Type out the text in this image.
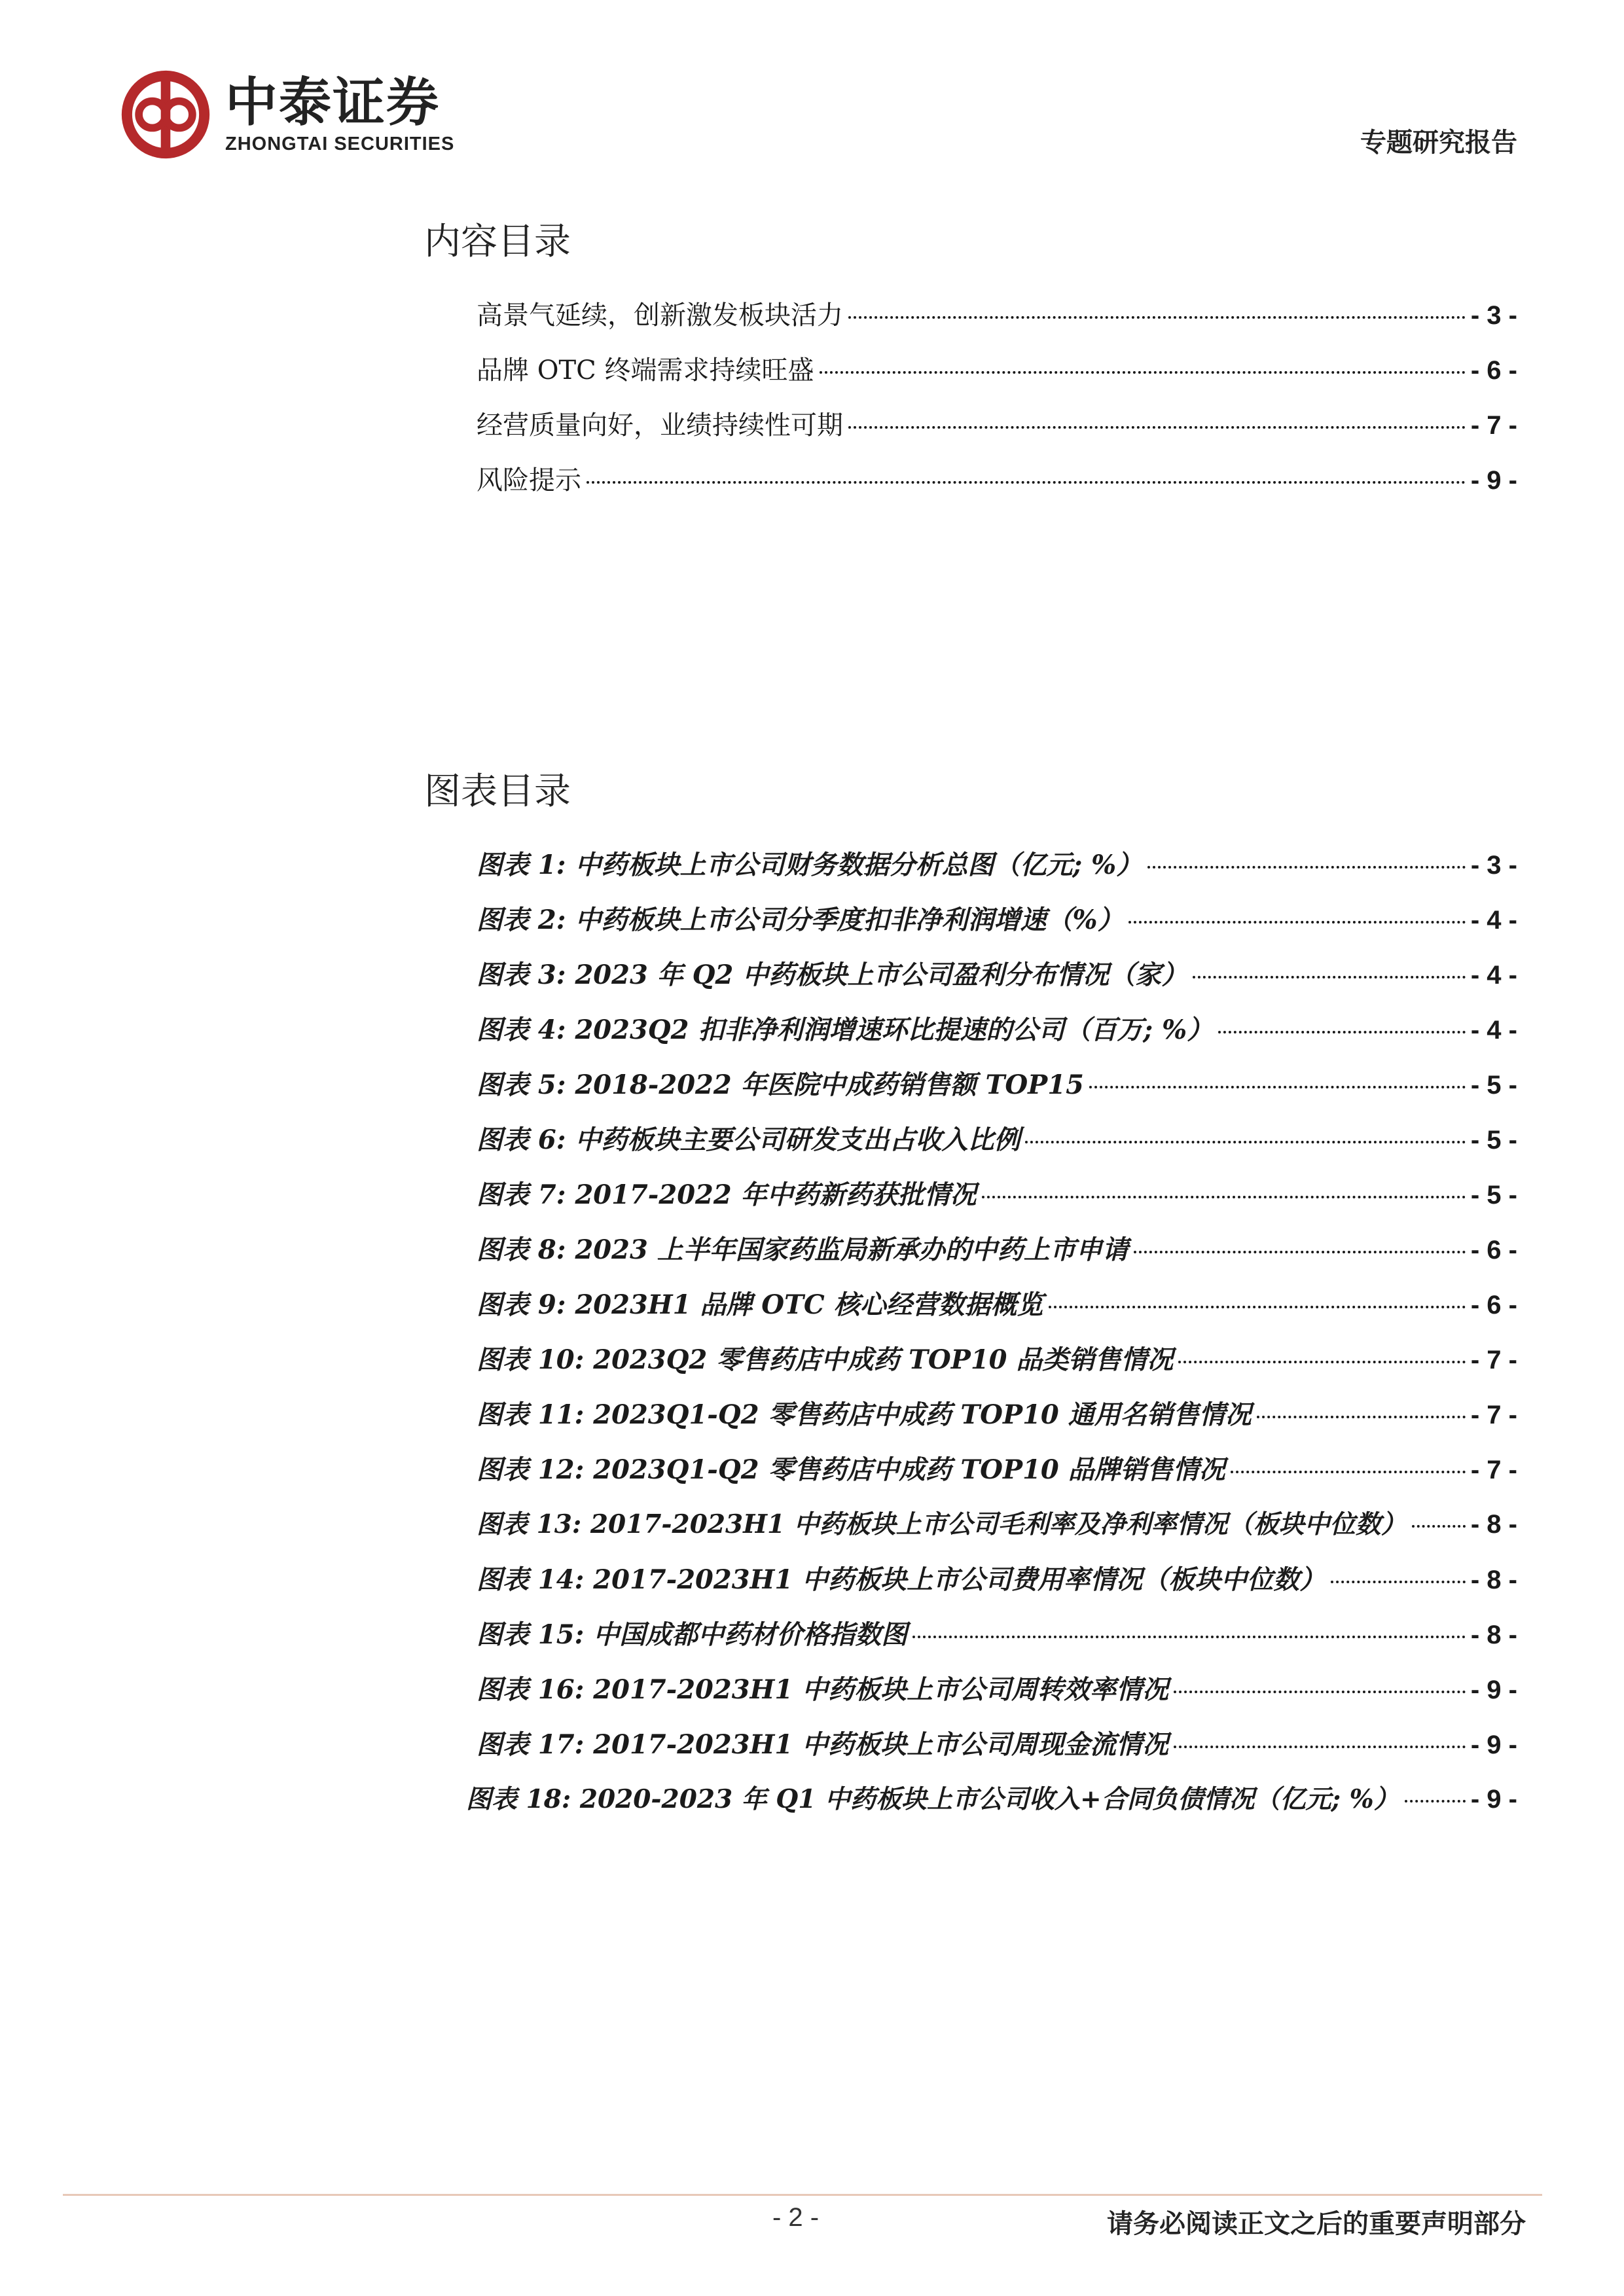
中泰证券
ZHONGTAI SECURITIES	专题研究报告
内容目录
高景气延续，创新激发板块活力	- 3 -
品牌 OTC 终端需求持续旺盛	- 6 -
经营质量向好，业绩持续性可期	- 7 -
风险提示	- 9 -
图表目录
图表 1: 中药板块上市公司财务数据分析总图（亿元; %）	- 3 -
图表 2: 中药板块上市公司分季度扣非净利润增速（%）	- 4 -
图表 3: 2023 年 Q2 中药板块上市公司盈利分布情况（家）	- 4 -
图表 4: 2023Q2 扣非净利润增速环比提速的公司（百万; %）	- 4 -
图表 5: 2018-2022 年医院中成药销售额 TOP15	- 5 -
图表 6: 中药板块主要公司研发支出占收入比例	- 5 -
图表 7: 2017-2022 年中药新药获批情况	- 5 -
图表 8: 2023 上半年国家药监局新承办的中药上市申请	- 6 -
图表 9: 2023H1 品牌 OTC 核心经营数据概览	- 6 -
图表 10: 2023Q2 零售药店中成药 TOP10 品类销售情况	- 7 -
图表 11: 2023Q1-Q2 零售药店中成药 TOP10 通用名销售情况	- 7 -
图表 12: 2023Q1-Q2 零售药店中成药 TOP10 品牌销售情况	- 7 -
图表 13: 2017-2023H1 中药板块上市公司毛利率及净利率情况（板块中位数） - 8 -
图表 14: 2017-2023H1 中药板块上市公司费用率情况（板块中位数）	- 8 -
图表 15: 中国成都中药材价格指数图	- 8 -
图表 16: 2017-2023H1 中药板块上市公司周转效率情况	- 9 -
图表 17: 2017-2023H1 中药板块上市公司周现金流情况	- 9 -
图表 18: 2020-2023 年 Q1 中药板块上市公司收入+合同负债情况（亿元; %）	- 9 -
- 2 -	请务必阅读正文之后的重要声明部分
